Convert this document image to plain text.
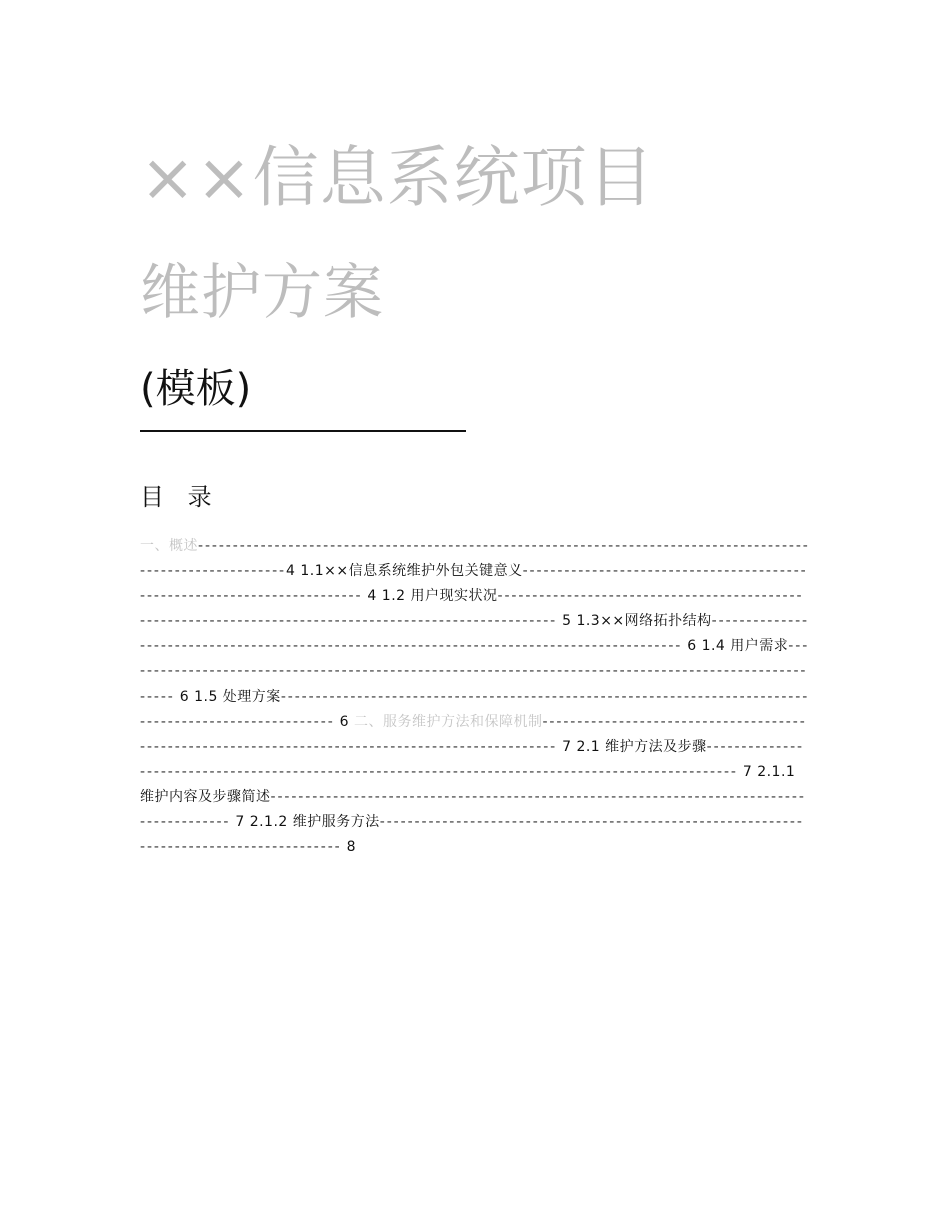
××信息系统项目
维护方案
(模板)
目 录
一、概述-------------------------------------------------------------------------------------------------------------4 1.1××信息系统维护外包关键意义------------------------------------------------------------------------- 4 1.2 用户现实状况-------------------------------------------------------------------------------------------------------- 5 1.3××网络拓扑结构-------------------------------------------------------------------------------------------- 6 1.4 用户需求-------------------------------------------------------------------------------------------------------- 6 1.5 处理方案-------------------------------------------------------------------------------------------------------- 6 二、服务维护方法和保障机制-------------------------------------------------------------------------------------------------- 7 2.1 维护方法及步骤---------------------------------------------------------------------------------------------------- 7 2.1.1 维护内容及步骤简述------------------------------------------------------------------------------------------ 7 2.1.2 维护服务方法------------------------------------------------------------------------------------------ 8
